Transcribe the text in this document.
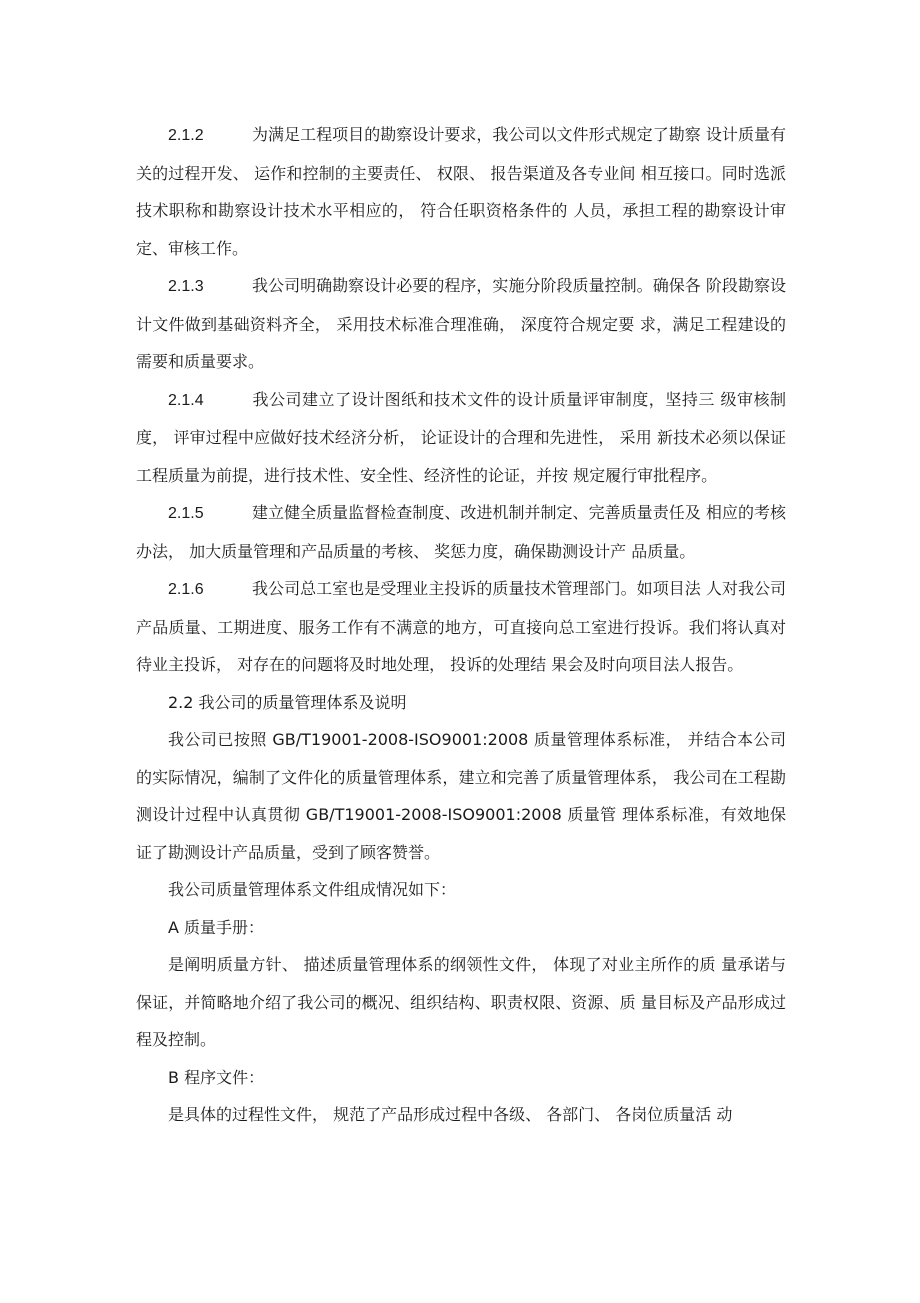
2.1.2	为满足工程项目的勘察设计要求，我公司以文件形式规定了勘察 设计质量有关的过程开发、 运作和控制的主要责任、 权限、 报告渠道及各专业间 相互接口。同时选派技术职称和勘察设计技术水平相应的， 符合任职资格条件的 人员，承担工程的勘察设计审定、审核工作。

2.1.3	我公司明确勘察设计必要的程序，实施分阶段质量控制。确保各 阶段勘察设计文件做到基础资料齐全， 采用技术标准合理准确， 深度符合规定要 求，满足工程建设的需要和质量要求。

2.1.4	我公司建立了设计图纸和技术文件的设计质量评审制度，坚持三 级审核制度， 评审过程中应做好技术经济分析， 论证设计的合理和先进性， 采用 新技术必须以保证工程质量为前提，进行技术性、安全性、经济性的论证，并按 规定履行审批程序。

2.1.5	建立健全质量监督检查制度、改进机制并制定、完善质量责任及 相应的考核办法， 加大质量管理和产品质量的考核、 奖惩力度，确保勘测设计产 品质量。

2.1.6	我公司总工室也是受理业主投诉的质量技术管理部门。如项目法 人对我公司产品质量、工期进度、服务工作有不满意的地方，可直接向总工室进行投诉。我们将认真对待业主投诉， 对存在的问题将及时地处理， 投诉的处理结 果会及时向项目法人报告。

2.2 我公司的质量管理体系及说明

我公司已按照 GB/T19001-2008-ISO9001:2008 质量管理体系标准， 并结合本公司的实际情况，编制了文件化的质量管理体系，建立和完善了质量管理体系， 我公司在工程勘测设计过程中认真贯彻 GB/T19001-2008-ISO9001:2008 质量管 理体系标准，有效地保证了勘测设计产品质量，受到了顾客赞誉。

我公司质量管理体系文件组成情况如下：

A 质量手册：

是阐明质量方针、 描述质量管理体系的纲领性文件， 体现了对业主所作的质 量承诺与保证，并简略地介绍了我公司的概况、组织结构、职责权限、资源、质 量目标及产品形成过程及控制。

B 程序文件：

是具体的过程性文件， 规范了产品形成过程中各级、 各部门、 各岗位质量活 动
